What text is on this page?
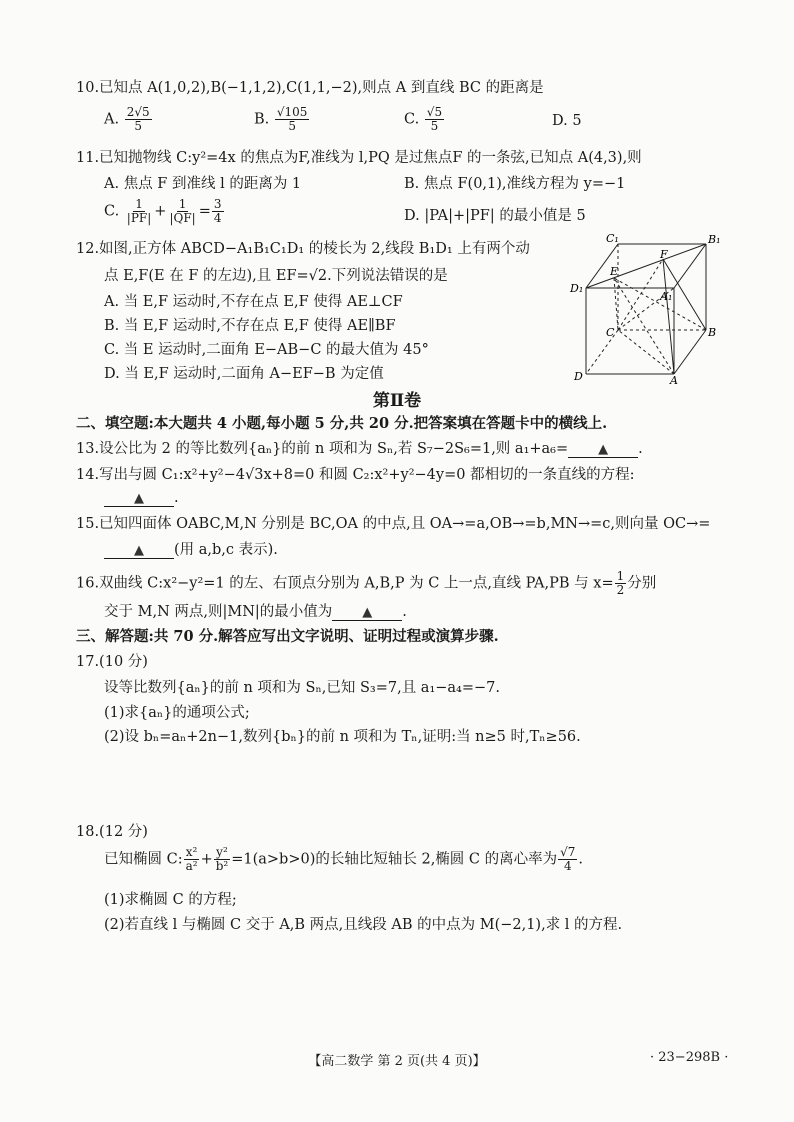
10.已知点 A(1,0,2),B(−1,1,2),C(1,1,−2),则点 A 到直线 BC 的距离是
A. $\frac{2√5}{5}$	B. $\frac{√105}{5}$	C. $\frac{√5}{5}$	D. 5
11.已知抛物线 C:y²=4x 的焦点为F,准线为 l,PQ 是过焦点F 的一条弦,已知点 A(4,3),则
A. 焦点 F 到准线 l 的距离为 1	B. 焦点 F(0,1),准线方程为 y=−1
C. $\frac{1}{|PF|} + \frac{1}{|QF|} = \frac{3}{4}$	D. |PA|+|PF| 的最小值是 5
12.如图,正方体 ABCD−A₁B₁C₁D₁ 的棱长为 2,线段 B₁D₁ 上有两个动
点 E,F(E 在 F 的左边),且 EF=√2.下列说法错误的是
A. 当 E,F 运动时,不存在点 E,F 使得 AE⊥CF
B. 当 E,F 运动时,不存在点 E,F 使得 AE∥BF
C. 当 E 运动时,二面角 E−AB−C 的最大值为 45°
D. 当 E,F 运动时,二面角 A−EF−B 为定值
C₁	B₁
E
F
D₁
A₁
C	B
D	A
第Ⅱ卷
二、填空题:本大题共 4 小题,每小题 5 分,共 20 分.把答案填在答题卡中的横线上.
13.设公比为 2 的等比数列{aₙ}的前 n 项和为 Sₙ,若 S₇−2S₆=1,则 a₁+a₆= ▲ .
14.写出与圆 C₁:x²+y²−4√3x+8=0 和圆 C₂:x²+y²−4y=0 都相切的一条直线的方程:
▲ .
15.已知四面体 OABC,M,N 分别是 BC,OA 的中点,且 OA→=a,OB→=b,MN→=c,则向量 OC→=
▲ (用 a,b,c 表示).
16.双曲线 C:x²−y²=1 的左、右顶点分别为 A,B,P 为 C 上一点,直线 PA,PB 与 $x= \frac{1}{2}$ 分别
交于 M,N 两点,则|MN|的最小值为 ▲ .
三、解答题:共 70 分.解答应写出文字说明、证明过程或演算步骤.
17.(10 分)
设等比数列{aₙ}的前 n 项和为 Sₙ,已知 S₃=7,且 a₁−a₄=−7.
(1)求{aₙ}的通项公式;
(2)设 bₙ=aₙ+2n−1,数列{bₙ}的前 n 项和为 Tₙ,证明:当 n≥5 时,Tₙ≥56.
18.(12 分)
已知椭圆 C: $\frac{\text{x²}}{\text{a²}} + \frac{\text{y²}}{\text{b²}} =1(a>b>0)$的长轴比短轴长 2,椭圆 C 的离心率为 $\frac{√7}{4}$ .
(1)求椭圆 C 的方程;
(2)若直线 l 与椭圆 C 交于 A,B 两点,且线段 AB 的中点为 M(−2,1),求 l 的方程.
【高二数学 第 2 页(共 4 页)】	· 23−298B ·
